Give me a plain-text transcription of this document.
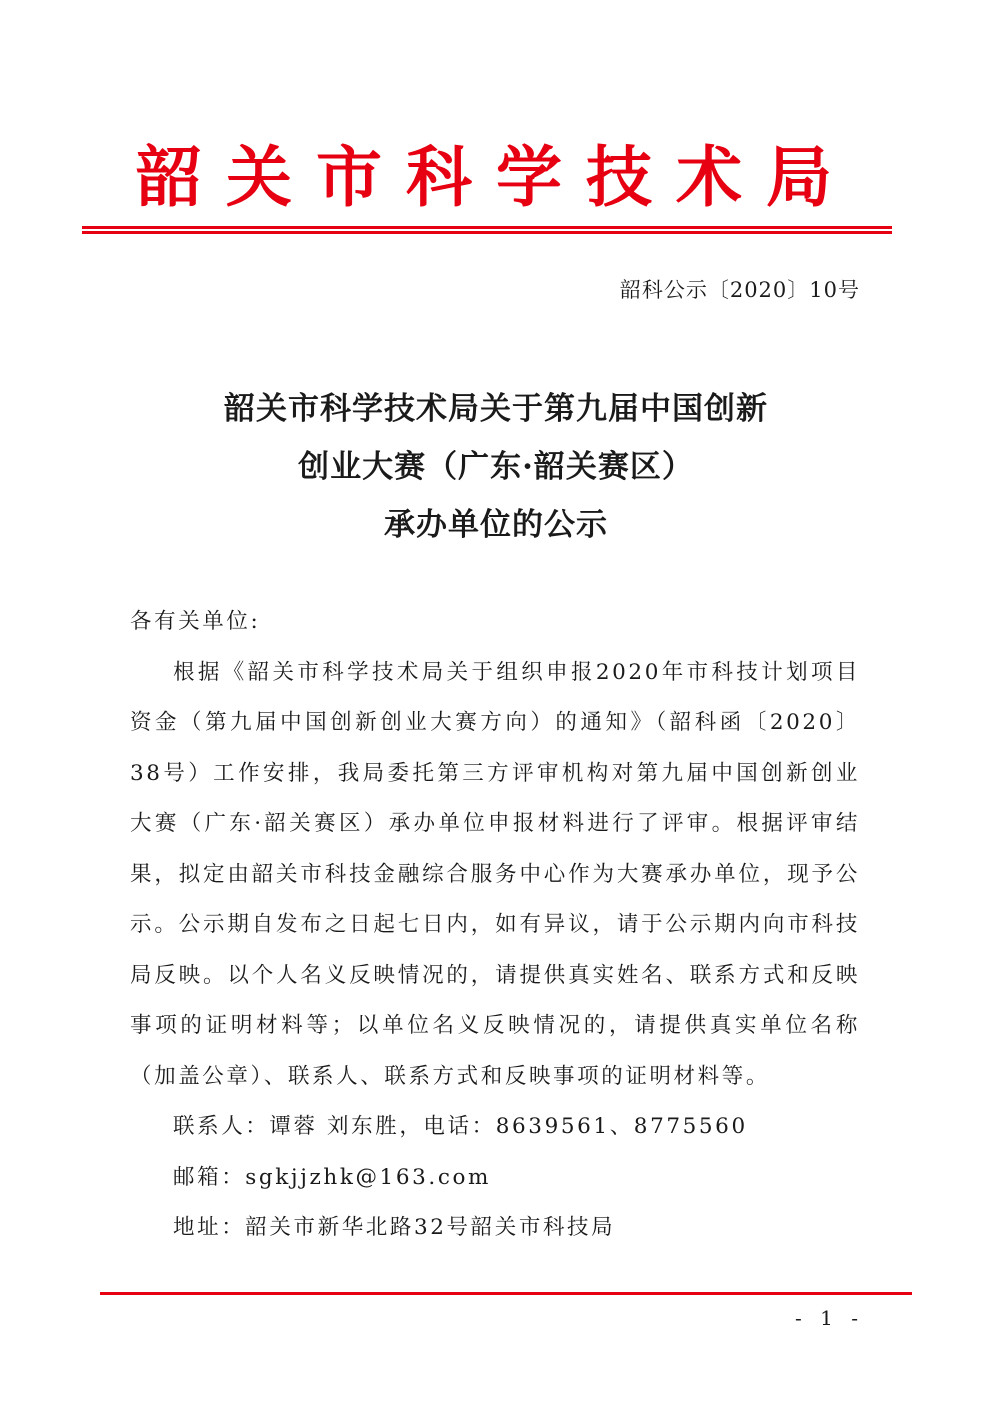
韶关市科学技术局
韶科公示〔2020〕10号
韶关市科学技术局关于第九届中国创新
创业大赛（广东·韶关赛区）
承办单位的公示

各有关单位:

根据《韶关市科学技术局关于组织申报2020年市科技计划项目资金（第九届中国创新创业大赛方向）的通知》（韶科函〔2020〕38号）工作安排，我局委托第三方评审机构对第九届中国创新创业大赛（广东·韶关赛区）承办单位申报材料进行了评审。根据评审结果，拟定由韶关市科技金融综合服务中心作为大赛承办单位，现予公示。公示期自发布之日起七日内，如有异议，请于公示期内向市科技局反映。以个人名义反映情况的，请提供真实姓名、联系方式和反映事项的证明材料等；以单位名义反映情况的，请提供真实单位名称（加盖公章）、联系人、联系方式和反映事项的证明材料等。

联系人：谭蓉 刘东胜，电话：8639561、8775560

邮箱：sgkjjzhk@163.com

地址：韶关市新华北路32号韶关市科技局

- 1 -
